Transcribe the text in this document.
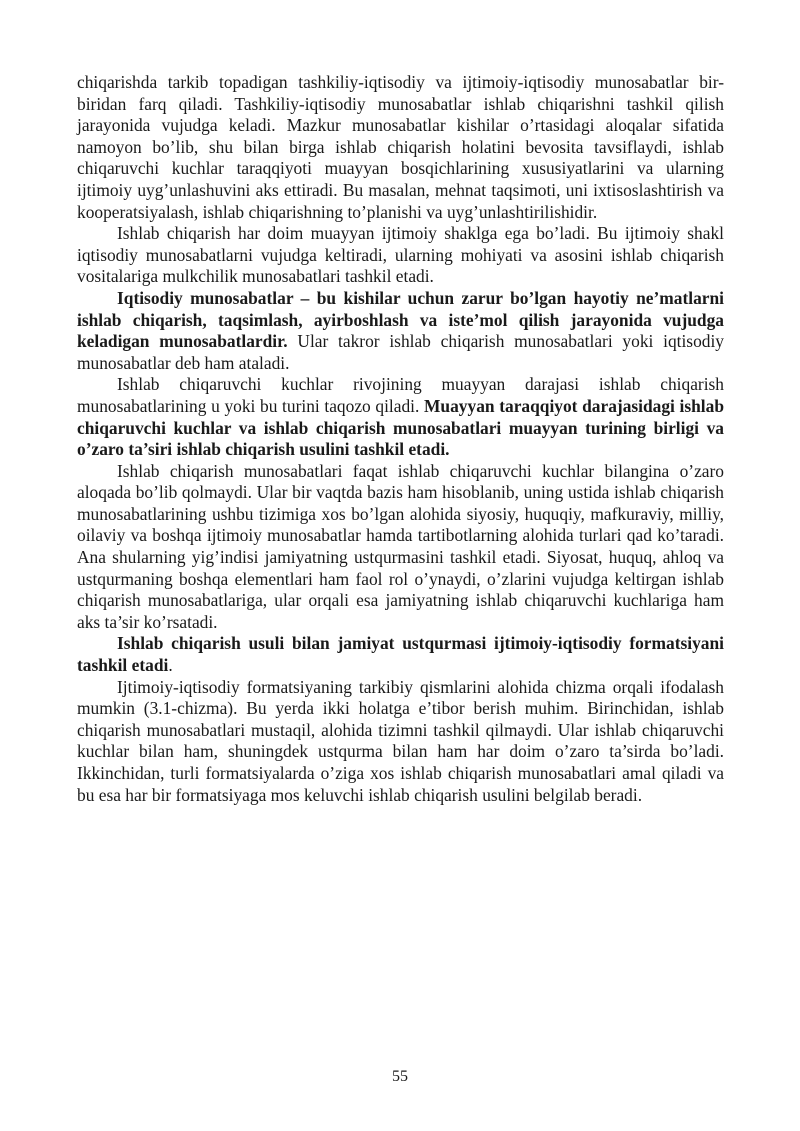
chiqarishda tarkib topadigan tashkiliy-iqtisodiy va ijtimoiy-iqtisodiy munosabatlar bir-biridan farq qiladi. Tashkiliy-iqtisodiy munosabatlar ishlab chiqarishni tashkil qilish jarayonida vujudga keladi. Mazkur munosabatlar kishilar o’rtasidagi aloqalar sifatida namoyon bo’lib, shu bilan birga ishlab chiqarish holatini bevosita tavsiflaydi, ishlab chiqaruvchi kuchlar taraqqiyoti muayyan bosqichlarining xususiyatlarini va ularning ijtimoiy uyg’unlashuvini aks ettiradi. Bu masalan, mehnat taqsimoti, uni ixtisoslashtirish va kooperatsiyalash, ishlab chiqarishning to’planishi va uyg’unlashtirilishidir.

Ishlab chiqarish har doim muayyan ijtimoiy shaklga ega bo’ladi. Bu ijtimoiy shakl iqtisodiy munosabatlarni vujudga keltiradi, ularning mohiyati va asosini ishlab chiqarish vositalariga mulkchilik munosabatlari tashkil etadi.

Iqtisodiy munosabatlar – bu kishilar uchun zarur bo’lgan hayotiy ne’matlarni ishlab chiqarish, taqsimlash, ayirboshlash va iste’mol qilish jarayonida vujudga keladigan munosabatlardir. Ular takror ishlab chiqarish munosabatlari yoki iqtisodiy munosabatlar deb ham ataladi.

Ishlab chiqaruvchi kuchlar rivojining muayyan darajasi ishlab chiqarish munosabatlarining u yoki bu turini taqozo qiladi. Muayyan taraqqiyot darajasidagi ishlab chiqaruvchi kuchlar va ishlab chiqarish munosabatlari muayyan turining birligi va o’zaro ta’siri ishlab chiqarish usulini tashkil etadi.

Ishlab chiqarish munosabatlari faqat ishlab chiqaruvchi kuchlar bilangina o’zaro aloqada bo’lib qolmaydi. Ular bir vaqtda bazis ham hisoblanib, uning ustida ishlab chiqarish munosabatlarining ushbu tizimiga xos bo’lgan alohida siyosiy, huquqiy, mafkuraviy, milliy, oilaviy va boshqa ijtimoiy munosabatlar hamda tartibotlarning alohida turlari qad ko’taradi. Ana shularning yig’indisi jamiyatning ustqurmasini tashkil etadi. Siyosat, huquq, ahloq va ustqurmaning boshqa elementlari ham faol rol o’ynaydi, o’zlarini vujudga keltirgan ishlab chiqarish munosabatlariga, ular orqali esa jamiyatning ishlab chiqaruvchi kuchlariga ham aks ta’sir ko’rsatadi.

Ishlab chiqarish usuli bilan jamiyat ustqurmasi ijtimoiy-iqtisodiy formatsiyani tashkil etadi.

Ijtimoiy-iqtisodiy formatsiyaning tarkibiy qismlarini alohida chizma orqali ifodalash mumkin (3.1-chizma). Bu yerda ikki holatga e’tibor berish muhim. Birinchidan, ishlab chiqarish munosabatlari mustaqil, alohida tizimni tashkil qilmaydi. Ular ishlab chiqaruvchi kuchlar bilan ham, shuningdek ustqurma bilan ham har doim o’zaro ta’sirda bo’ladi. Ikkinchidan, turli formatsiyalarda o’ziga xos ishlab chiqarish munosabatlari amal qiladi va bu esa har bir formatsiyaga mos keluvchi ishlab chiqarish usulini belgilab beradi.

55
